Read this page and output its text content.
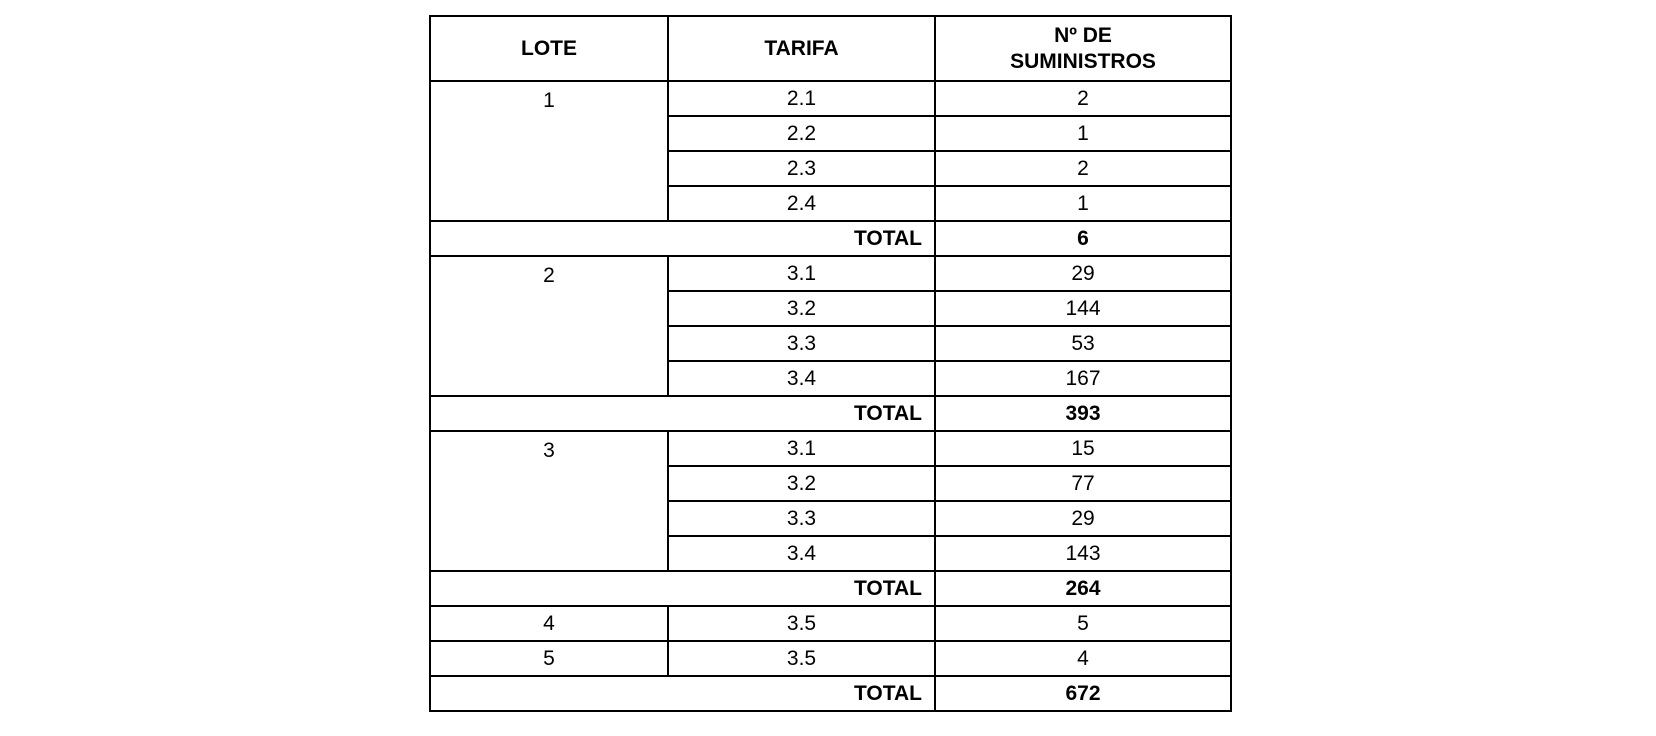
LOTE	TARIFA	Nº DE
SUMINISTROS

1	2.1	2
	2.2	1
	2.3	2
	2.4	1
TOTAL		6
2	3.1	29
	3.2	144
	3.3	53
	3.4	167
TOTAL		393
3	3.1	15
	3.2	77
	3.3	29
	3.4	143
TOTAL		264
4	3.5	5
5	3.5	4
TOTAL		672
